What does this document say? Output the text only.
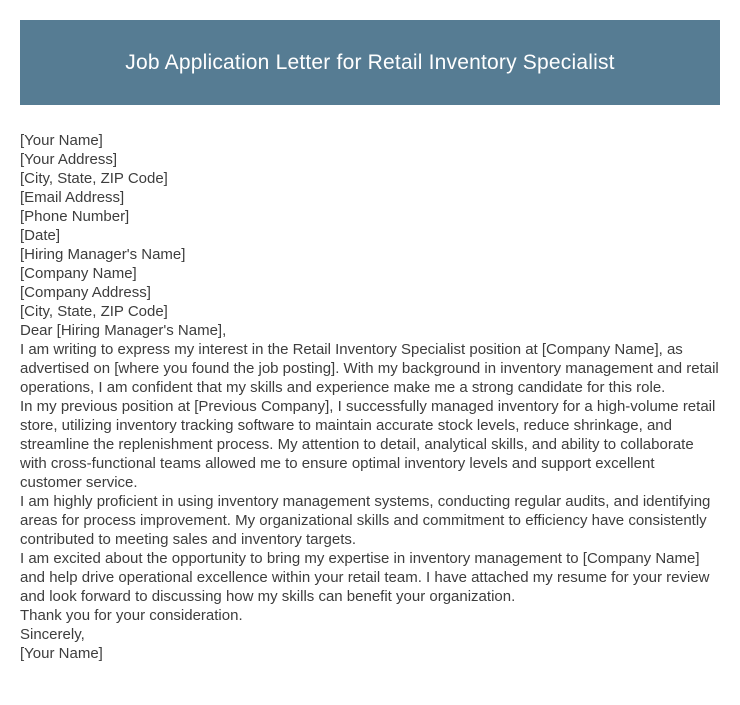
Job Application Letter for Retail Inventory Specialist
[Your Name]
[Your Address]
[City, State, ZIP Code]
[Email Address]
[Phone Number]
[Date]
[Hiring Manager's Name]
[Company Name]
[Company Address]
[City, State, ZIP Code]
Dear [Hiring Manager's Name],
I am writing to express my interest in the Retail Inventory Specialist position at [Company Name], as advertised on [where you found the job posting]. With my background in inventory management and retail operations, I am confident that my skills and experience make me a strong candidate for this role.
In my previous position at [Previous Company], I successfully managed inventory for a high-volume retail store, utilizing inventory tracking software to maintain accurate stock levels, reduce shrinkage, and streamline the replenishment process. My attention to detail, analytical skills, and ability to collaborate with cross-functional teams allowed me to ensure optimal inventory levels and support excellent customer service.
I am highly proficient in using inventory management systems, conducting regular audits, and identifying areas for process improvement. My organizational skills and commitment to efficiency have consistently contributed to meeting sales and inventory targets.
I am excited about the opportunity to bring my expertise in inventory management to [Company Name] and help drive operational excellence within your retail team. I have attached my resume for your review and look forward to discussing how my skills can benefit your organization.
Thank you for your consideration.
Sincerely,
[Your Name]
